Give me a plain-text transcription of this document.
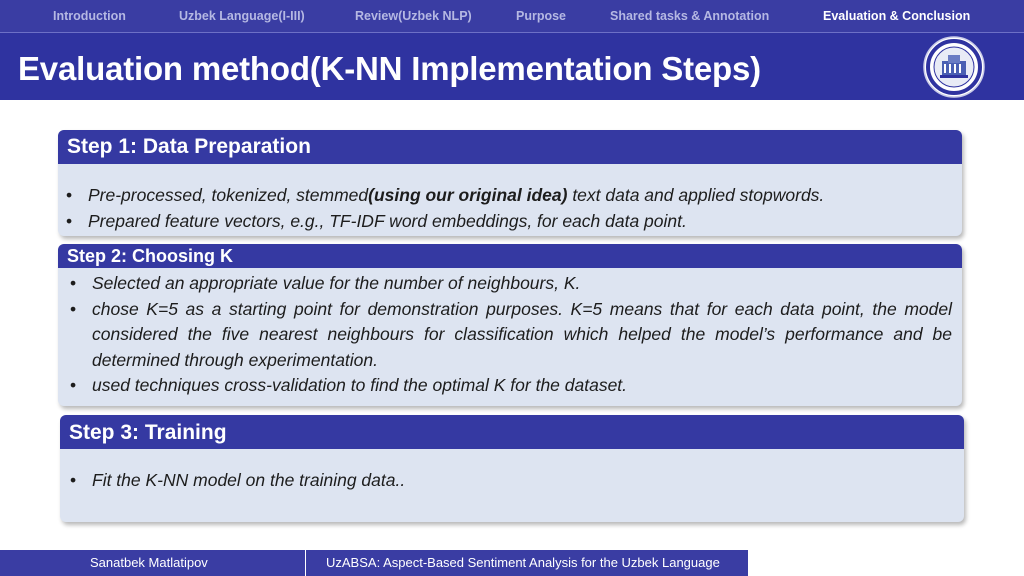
Introduction	Uzbek Language(I-III)	Review(Uzbek NLP)	Purpose	Shared tasks & Annotation	Evaluation & Conclusion
Evaluation method(K-NN Implementation Steps)
Step 1: Data Preparation
• Pre-processed, tokenized, stemmed(using our original idea) text data and applied stopwords.
• Prepared feature vectors, e.g., TF-IDF word embeddings, for each data point.
Step 2: Choosing K
• Selected an appropriate value for the number of neighbours, K.
• chose K=5 as a starting point for demonstration purposes. K=5 means that for each data point, the model considered the five nearest neighbours for classification which helped the model’s performance and be determined through experimentation.
• used techniques cross-validation to find the optimal K for the dataset.
Step 3: Training
• Fit the K-NN model on the training data..
Sanatbek Matlatipov	UzABSA: Aspect-Based Sentiment Analysis for the Uzbek Language
